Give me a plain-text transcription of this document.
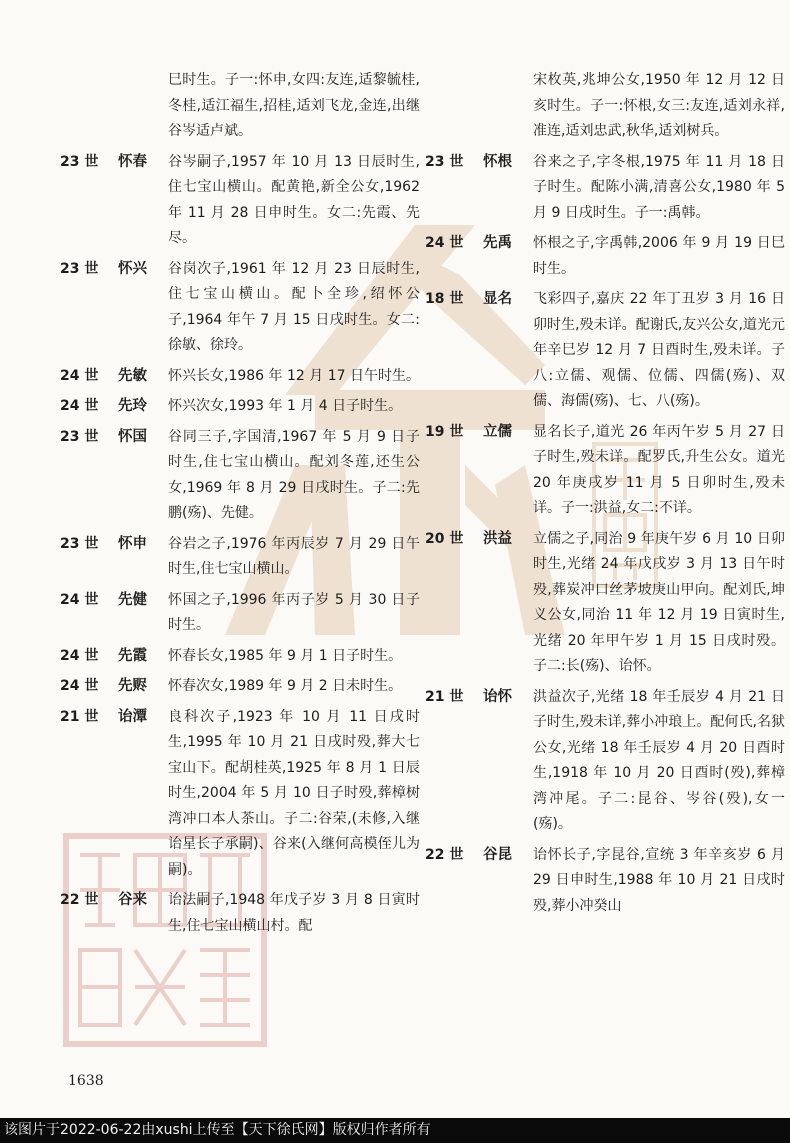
巳时生。子一:怀申,女四:友连,适黎毓桂,冬桂,适江福生,招桂,适刘飞龙,金连,出继谷岑适卢斌。
23 世	怀春	谷岑嗣子,1957 年 10 月 13 日辰时生,住七宝山横山。配黄艳,新全公女,1962 年 11 月 28 日申时生。女二:先霞、先尽。
23 世	怀兴	谷岗次子,1961 年 12 月 23 日辰时生,住七宝山横山。配卜全珍,绍怀公子,1964 年午 7 月 15 日戌时生。女二:徐敏、徐玲。
24 世	先敏	怀兴长女,1986 年 12 月 17 日午时生。
24 世	先玲	怀兴次女,1993 年 1 月 4 日子时生。
23 世	怀国	谷同三子,字国清,1967 年 5 月 9 日子时生,住七宝山横山。配刘冬莲,还生公女,1969 年 8 月 29 日戌时生。子二:先鹏(殇)、先健。
23 世	怀申	谷岩之子,1976 年丙辰岁 7 月 29 日午时生,住七宝山横山。
24 世	先健	怀国之子,1996 年丙子岁 5 月 30 日子时生。
24 世	先霞	怀春长女,1985 年 9 月 1 日子时生。
24 世	先赆	怀春次女,1989 年 9 月 2 日未时生。
21 世	诒潭	良科次子,1923 年 10 月 11 日戌时生,1995 年 10 月 21 日戌时殁,葬大七宝山下。配胡桂英,1925 年 8 月 1 日辰时生,2004 年 5 月 10 日子时殁,葬樟树湾冲口本人茶山。子二:谷荣,(未修,入继诒星长子承嗣)、谷来(入继何高模侄儿为嗣)。
22 世	谷来	诒法嗣子,1948 年戊子岁 3 月 8 日寅时生,住七宝山横山村。配
宋枚英,兆坤公女,1950 年 12 月 12 日亥时生。子一:怀根,女三:友连,适刘永祥,准连,适刘忠武,秋华,适刘树兵。
23 世	怀根	谷来之子,字冬根,1975 年 11 月 18 日子时生。配陈小满,清喜公女,1980 年 5 月 9 日戌时生。子一:禹韩。
24 世	先禹	怀根之子,字禹韩,2006 年 9 月 19 日巳时生。
18 世	显名	飞彩四子,嘉庆 22 年丁丑岁 3 月 16 日卯时生,殁未详。配谢氏,友兴公女,道光元年辛巳岁 12 月 7 日酉时生,殁未详。子八:立儒、观儒、位儒、四儒(殇)、双儒、海儒(殇)、七、八(殇)。
19 世	立儒	显名长子,道光 26 年丙午岁 5 月 27 日子时生,殁未详。配罗氏,升生公女。道光 20 年庚戌岁 11 月 5 日卯时生,殁未详。子一:洪益,女二:不详。
20 世	洪益	立儒之子,同治 9 年庚午岁 6 月 10 日卯时生,光绪 24 年戊戌岁 3 月 13 日午时殁,葬炭冲口丝茅坡庚山甲向。配刘氏,坤义公女,同治 11 年 12 月 19 日寅时生,光绪 20 年甲午岁 1 月 15 日戌时殁。子二:长(殇)、诒怀。
21 世	诒怀	洪益次子,光绪 18 年壬辰岁 4 月 21 日子时生,殁未详,葬小冲琅上。配何氏,名狱公女,光绪 18 年壬辰岁 4 月 20 日酉时生,1918 年 10 月 20 日酉时(殁),葬樟湾冲尾。子二:昆谷、岑谷(殁),女一(殇)。
22 世	谷昆	诒怀长子,字昆谷,宣统 3 年辛亥岁 6 月 29 日申时生,1988 年 10 月 21 日戌时殁,葬小冲癸山
1638
该图片于2022-06-22由xushi上传至【天下徐氏网】版权归作者所有
